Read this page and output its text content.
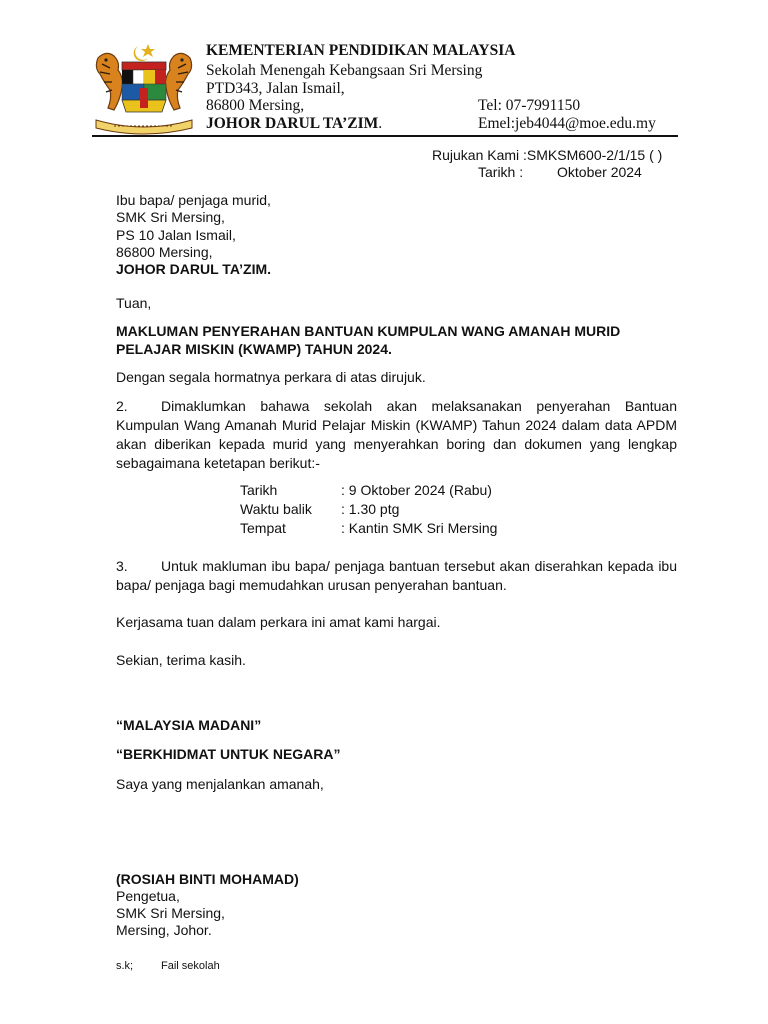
KEMENTERIAN PENDIDIKAN MALAYSIA
Sekolah Menengah Kebangsaan Sri Mersing
PTD343, Jalan Ismail,
86800 Mersing,
JOHOR DARUL TA’ZIM.
Tel: 07-7991150
Emel:jeb4044@moe.edu.my
Rujukan Kami :SMKSM600-2/1/15 ( )
Tarikh : Oktober 2024
Ibu bapa/ penjaga murid,
SMK Sri Mersing,
PS 10 Jalan Ismail,
86800 Mersing,
JOHOR DARUL TA’ZIM.
Tuan,
MAKLUMAN PENYERAHAN BANTUAN KUMPULAN WANG AMANAH MURID
PELAJAR MISKIN (KWAMP) TAHUN 2024.
Dengan segala hormatnya perkara di atas dirujuk.
2. Dimaklumkan bahawa sekolah akan melaksanakan penyerahan Bantuan Kumpulan Wang Amanah Murid Pelajar Miskin (KWAMP) Tahun 2024 dalam data APDM akan diberikan kepada murid yang menyerahkan boring dan dokumen yang lengkap sebagaimana ketetapan berikut:-
Tarikh	: 9 Oktober 2024 (Rabu)
Waktu balik	: 1.30 ptg
Tempat	: Kantin SMK Sri Mersing
3. Untuk makluman ibu bapa/ penjaga bantuan tersebut akan diserahkan kepada ibu bapa/ penjaga bagi memudahkan urusan penyerahan bantuan.
Kerjasama tuan dalam perkara ini amat kami hargai.
Sekian, terima kasih.
“MALAYSIA MADANI”
“BERKHIDMAT UNTUK NEGARA”
Saya yang menjalankan amanah,
(ROSIAH BINTI MOHAMAD)
Pengetua,
SMK Sri Mersing,
Mersing, Johor.
s.k;	Fail sekolah
